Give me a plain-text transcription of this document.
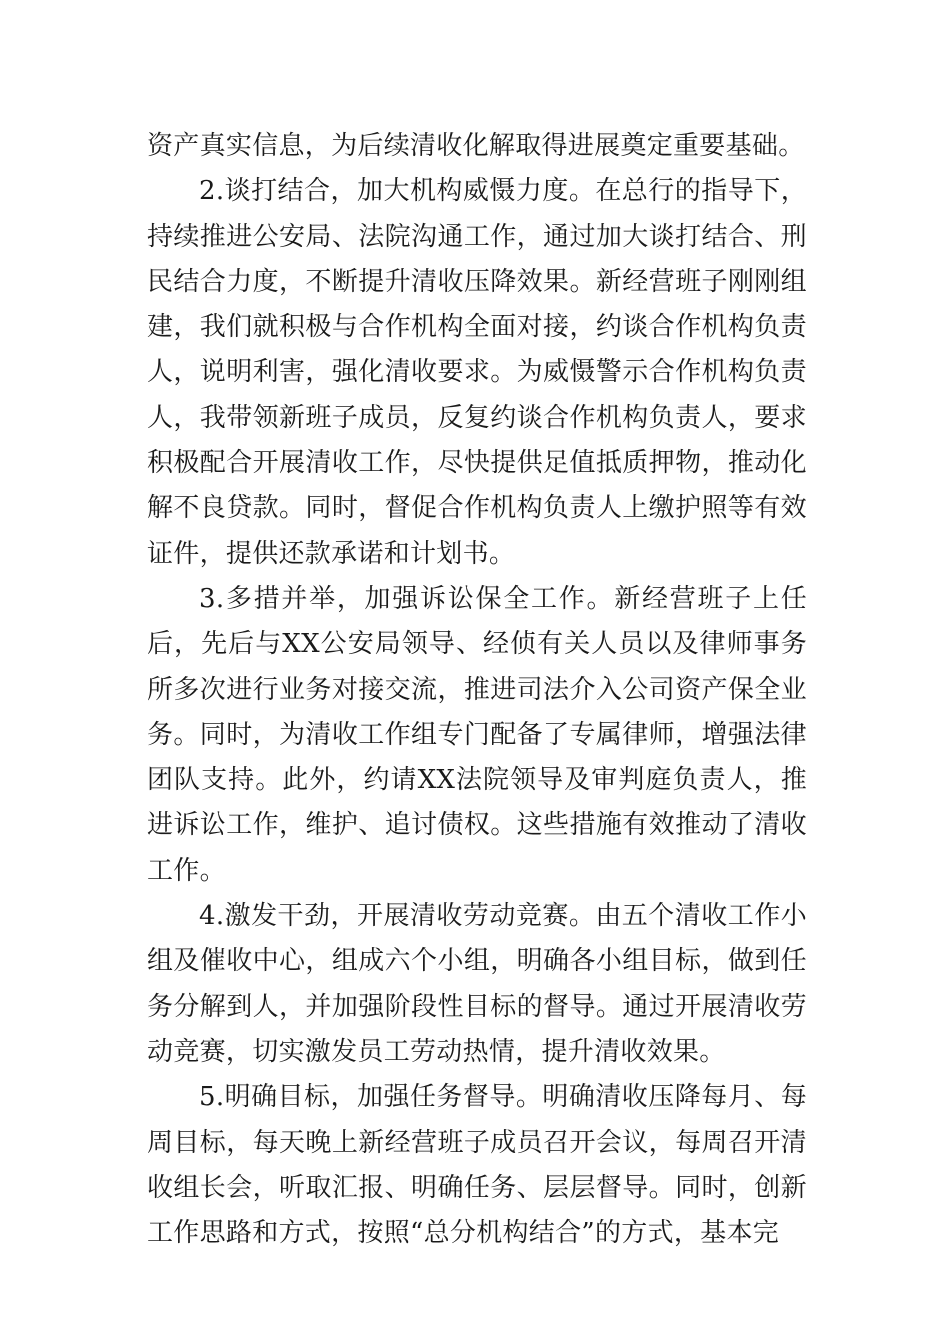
资产真实信息，为后续清收化解取得进展奠定重要基础。

2.谈打结合，加大机构威慑力度。在总行的指导下，持续推进公安局、法院沟通工作，通过加大谈打结合、刑民结合力度，不断提升清收压降效果。新经营班子刚刚组建，我们就积极与合作机构全面对接，约谈合作机构负责人，说明利害，强化清收要求。为威慑警示合作机构负责人，我带领新班子成员，反复约谈合作机构负责人，要求积极配合开展清收工作，尽快提供足值抵质押物，推动化解不良贷款。同时，督促合作机构负责人上缴护照等有效证件，提供还款承诺和计划书。

3.多措并举，加强诉讼保全工作。新经营班子上任后，先后与XX公安局领导、经侦有关人员以及律师事务所多次进行业务对接交流，推进司法介入公司资产保全业务。同时，为清收工作组专门配备了专属律师，增强法律团队支持。此外，约请XX法院领导及审判庭负责人，推进诉讼工作，维护、追讨债权。这些措施有效推动了清收工作。

4.激发干劲，开展清收劳动竞赛。由五个清收工作小组及催收中心，组成六个小组，明确各小组目标，做到任务分解到人，并加强阶段性目标的督导。通过开展清收劳动竞赛，切实激发员工劳动热情，提升清收效果。

5.明确目标，加强任务督导。明确清收压降每月、每周目标，每天晚上新经营班子成员召开会议，每周召开清收组长会，听取汇报、明确任务、层层督导。同时，创新工作思路和方式，按照“总分机构结合”的方式，基本完
